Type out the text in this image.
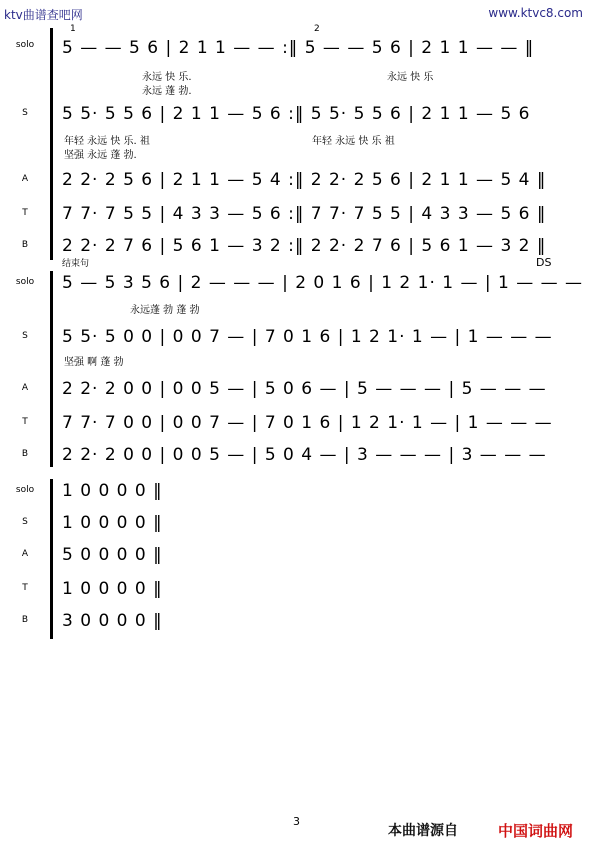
ktv曲谱查吧网	www.ktvc8.com
1	2
solo	5 — — 5 6 | 2 1 1 — — :‖ 5 — — 5 6 | 2 1 1 — — ‖
永远 快 乐.	永远 快 乐
永远 蓬 勃.
S	5 5· 5 5 6 | 2 1 1 — 5 6 :‖ 5 5· 5 5 6 | 2 1 1 — 5 6
年轻 永远 快 乐. 祖	年轻 永远 快 乐 祖
坚强 永远 蓬 勃.
A	2 2· 2 5 6 | 2 1 1 — 5 4 :‖ 2 2· 2 5 6 | 2 1 1 — 5 4 ‖
T	7 7· 7 5 5 | 4 3 3 — 5 6 :‖ 7 7· 7 5 5 | 4 3 3 — 5 6 ‖
B	2 2· 2 7 6 | 5 6 1 — 3 2 :‖ 2 2· 2 7 6 | 5 6 1 — 3 2 ‖
结束句	DS
solo	5 — 5 3 5 6 | 2 — — — | 2 0 1 6 | 1 2 1· 1 — | 1 — — —
永远蓬 勃 蓬 勃
S	5 5· 5 0 0 | 0 0 7 — | 7 0 1 6 | 1 2 1· 1 — | 1 — — —
坚强 啊 蓬 勃
A	2 2· 2 0 0 | 0 0 5 — | 5 0 6 — | 5 — — — | 5 — — —
T	7 7· 7 0 0 | 0 0 7 — | 7 0 1 6 | 1 2 1· 1 — | 1 — — —
B	2 2· 2 0 0 | 0 0 5 — | 5 0 4 — | 3 — — — | 3 — — —
solo	1 0 0 0 0 ‖
S	1 0 0 0 0 ‖
A	5 0 0 0 0 ‖
T	1 0 0 0 0 ‖
B	3 0 0 0 0 ‖
3
本曲谱源自	中国词曲网
